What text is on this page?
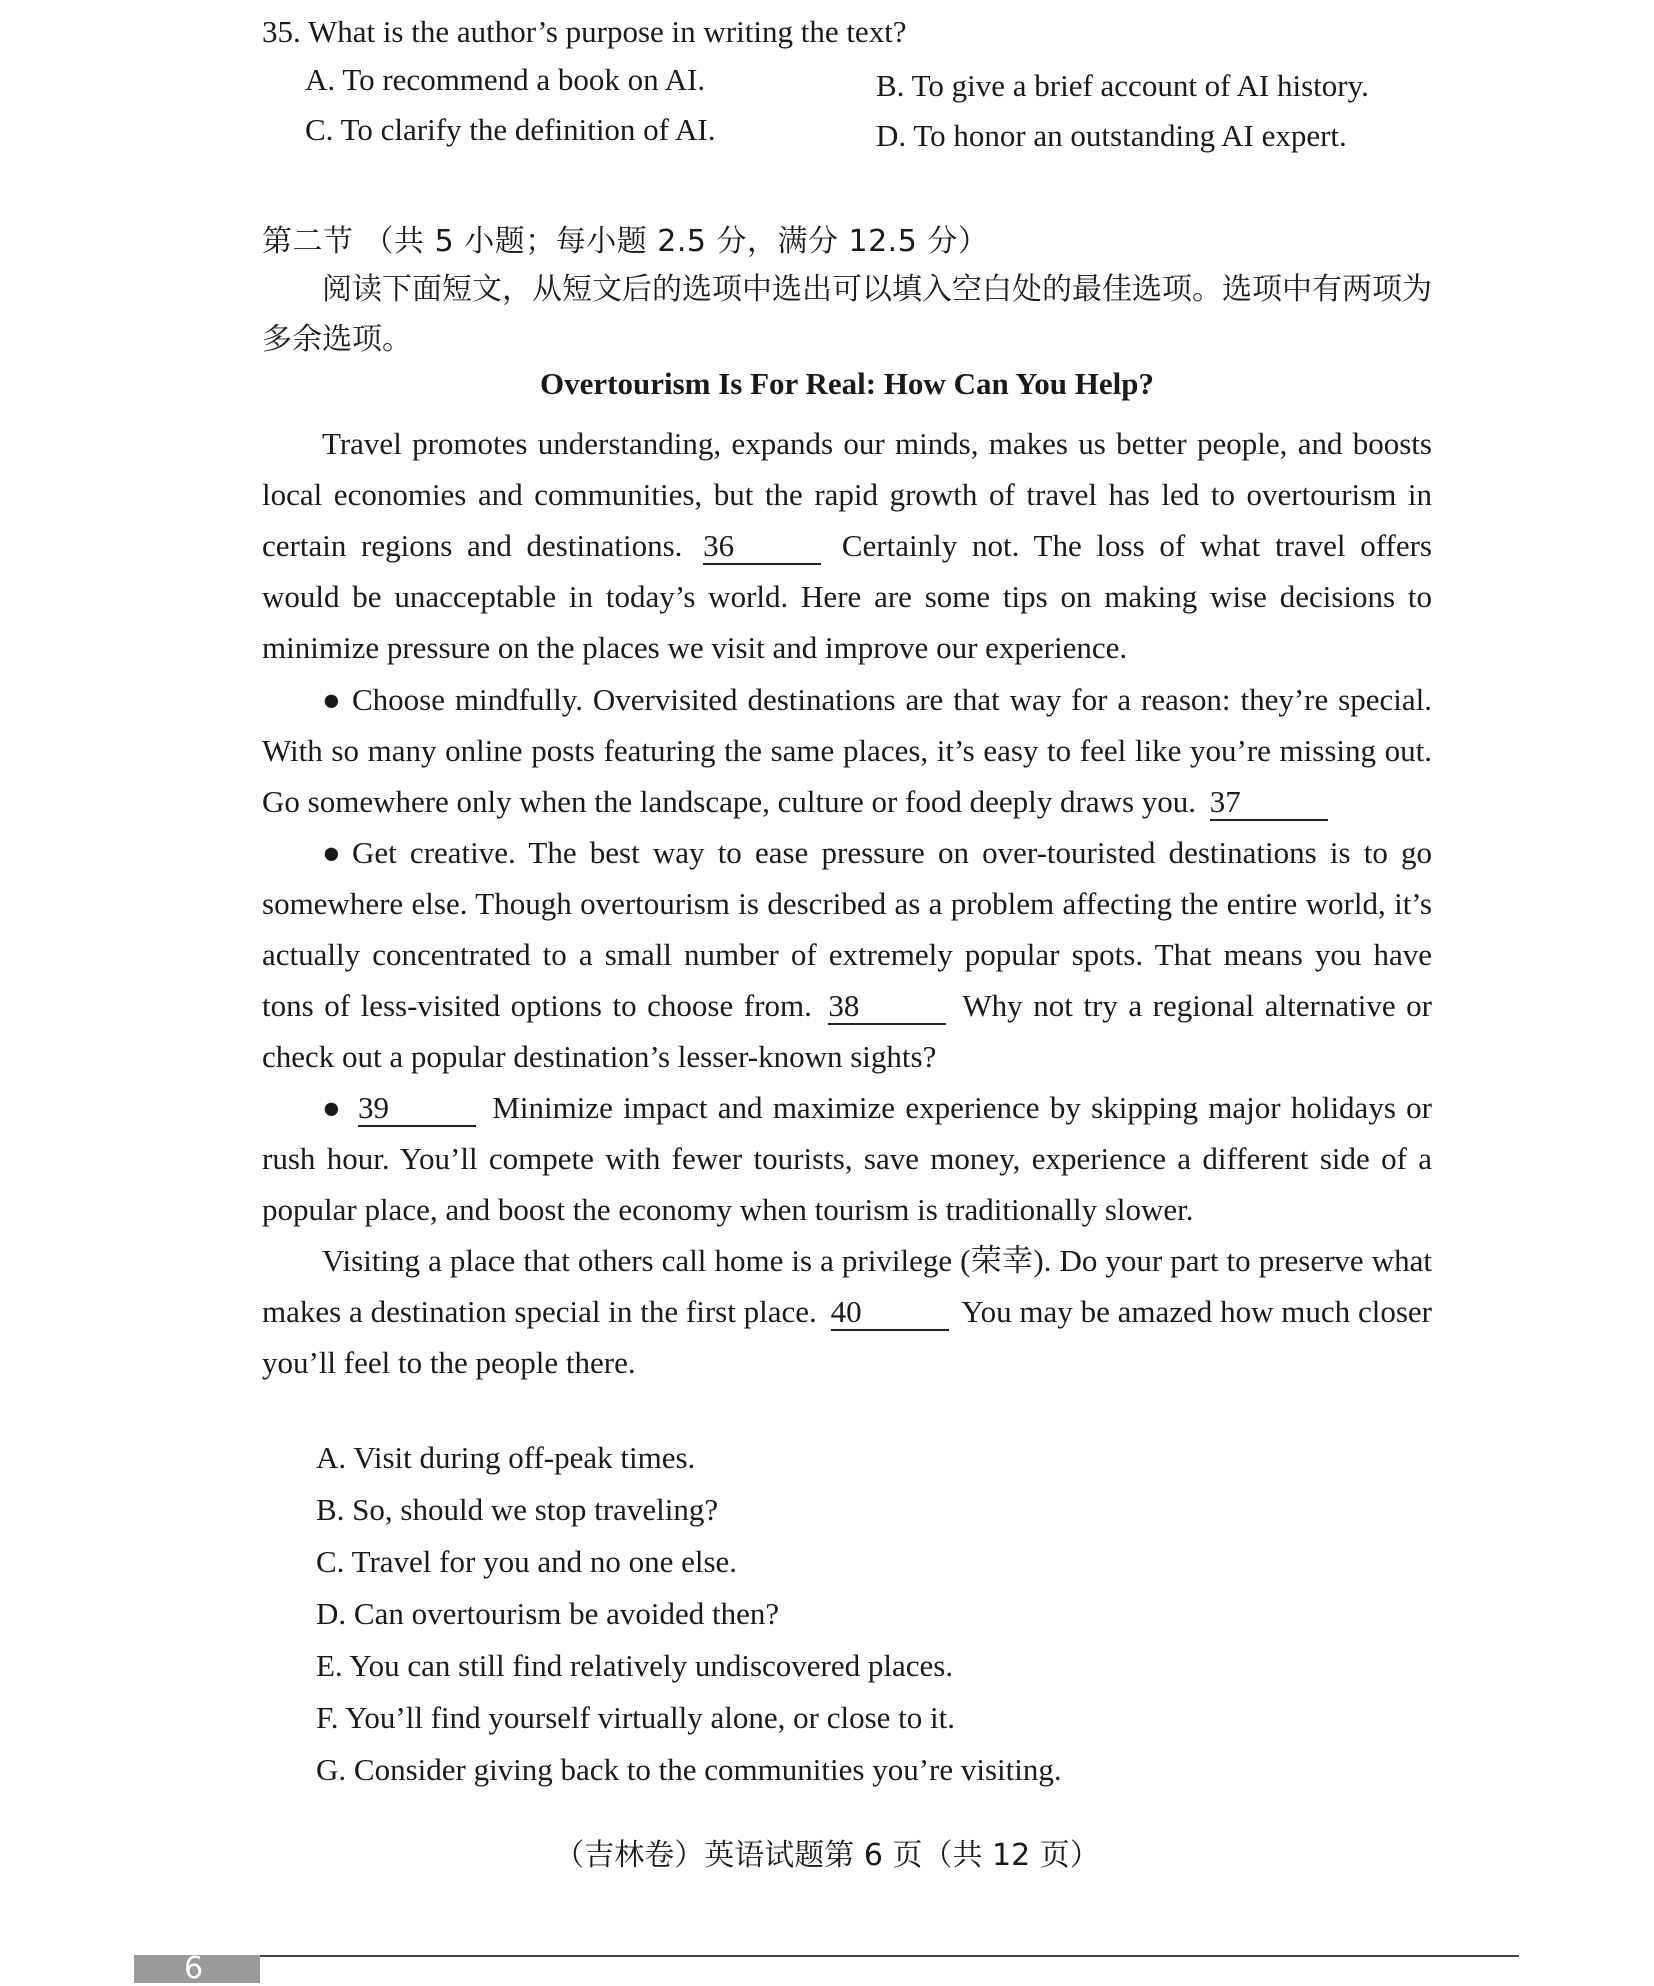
35. What is the author’s purpose in writing the text?
A. To recommend a book on AI.	B. To give a brief account of AI history.
C. To clarify the definition of AI.	D. To honor an outstanding AI expert.
第二节 （共 5 小题；每小题 2.5 分，满分 12.5 分）
阅读下面短文，从短文后的选项中选出可以填入空白处的最佳选项。选项中有两项为多余选项。
Overtourism Is For Real: How Can You Help?
Travel promotes understanding, expands our minds, makes us better people, and boosts local economies and communities, but the rapid growth of travel has led to overtourism in certain regions and destinations. 36	Certainly not. The loss of what travel offers would be unacceptable in today’s world. Here are some tips on making wise decisions to minimize pressure on the places we visit and improve our experience.
● Choose mindfully. Overvisited destinations are that way for a reason: they’re special. With so many online posts featuring the same places, it’s easy to feel like you’re missing out. Go somewhere only when the landscape, culture or food deeply draws you. 37
● Get creative. The best way to ease pressure on over-touristed destinations is to go somewhere else. Though overtourism is described as a problem affecting the entire world, it’s actually concentrated to a small number of extremely popular spots. That means you have tons of less-visited options to choose from. 38	Why not try a regional alternative or check out a popular destination’s lesser-known sights?
● 39	Minimize impact and maximize experience by skipping major holidays or rush hour. You’ll compete with fewer tourists, save money, experience a different side of a popular place, and boost the economy when tourism is traditionally slower.
Visiting a place that others call home is a privilege (荣幸). Do your part to preserve what makes a destination special in the first place. 40	You may be amazed how much closer you’ll feel to the people there.
A. Visit during off-peak times.
B. So, should we stop traveling?
C. Travel for you and no one else.
D. Can overtourism be avoided then?
E. You can still find relatively undiscovered places.
F. You’ll find yourself virtually alone, or close to it.
G. Consider giving back to the communities you’re visiting.
（吉林卷）英语试题第 6 页（共 12 页）
6
